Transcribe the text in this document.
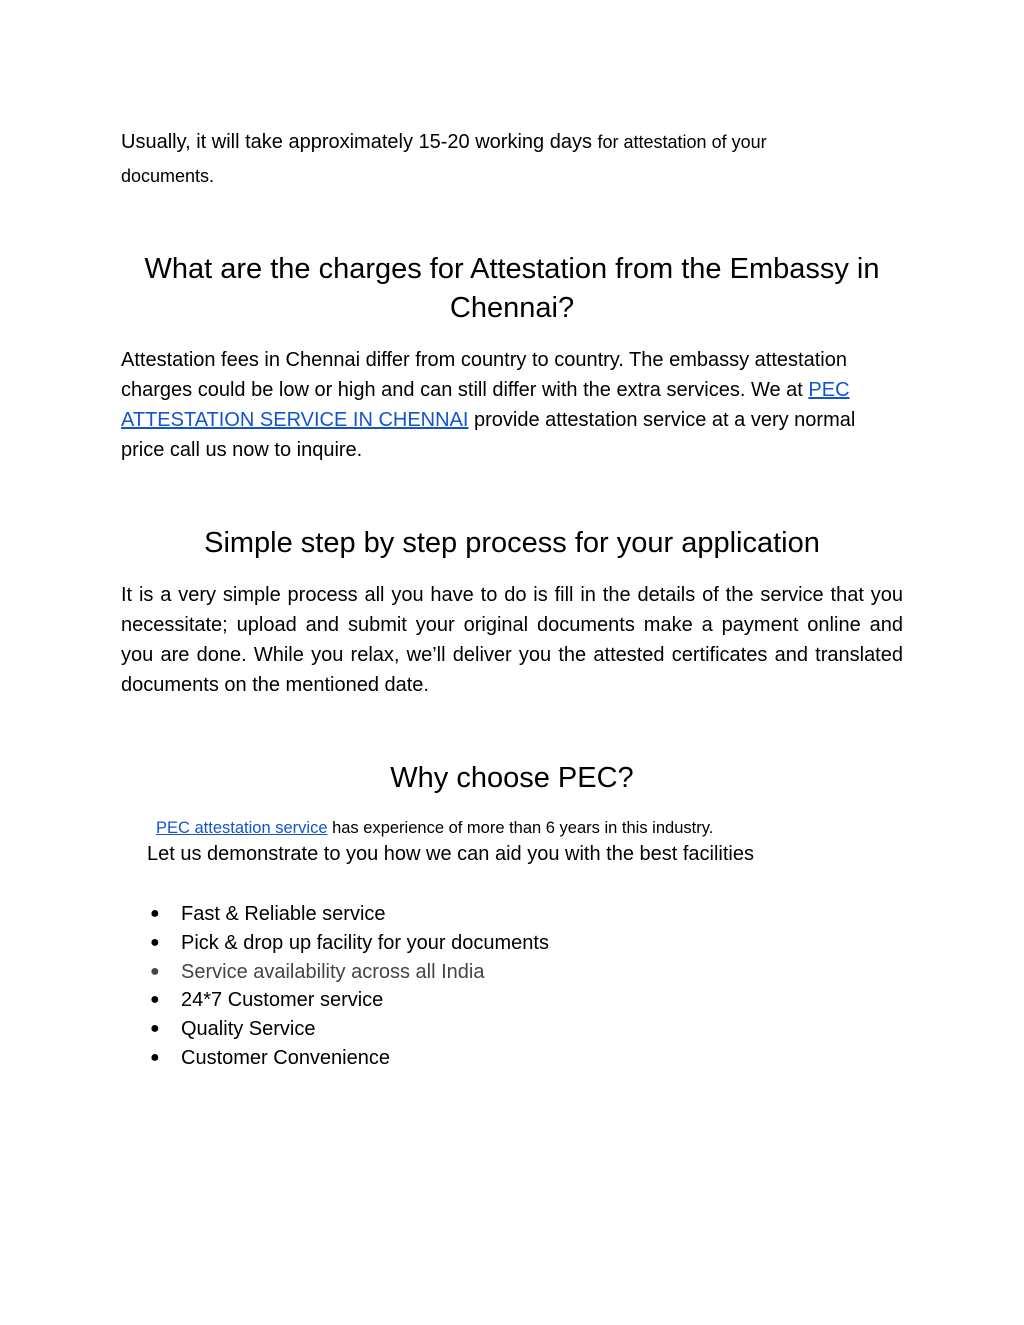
Usually, it will take approximately 15-20 working days for attestation of your
documents.

What are the charges for Attestation from the Embassy in Chennai?

Attestation fees in Chennai differ from country to country. The embassy attestation charges could be low or high and can still differ with the extra services. We at PEC ATTESTATION SERVICE IN CHENNAI provide attestation service at a very normal price call us now to inquire.

Simple step by step process for your application

It is a very simple process all you have to do is fill in the details of the service that you necessitate; upload and submit your original documents make a payment online and you are done. While you relax, we’ll deliver you the attested certificates and translated documents on the mentioned date.

Why choose PEC?

PEC attestation service has experience of more than 6 years in this industry.

Let us demonstrate to you how we can aid you with the best facilities

●	Fast & Reliable service
●	Pick & drop up facility for your documents
●	Service availability across all India
●	24*7 Customer service
●	Quality Service
●	Customer Convenience
